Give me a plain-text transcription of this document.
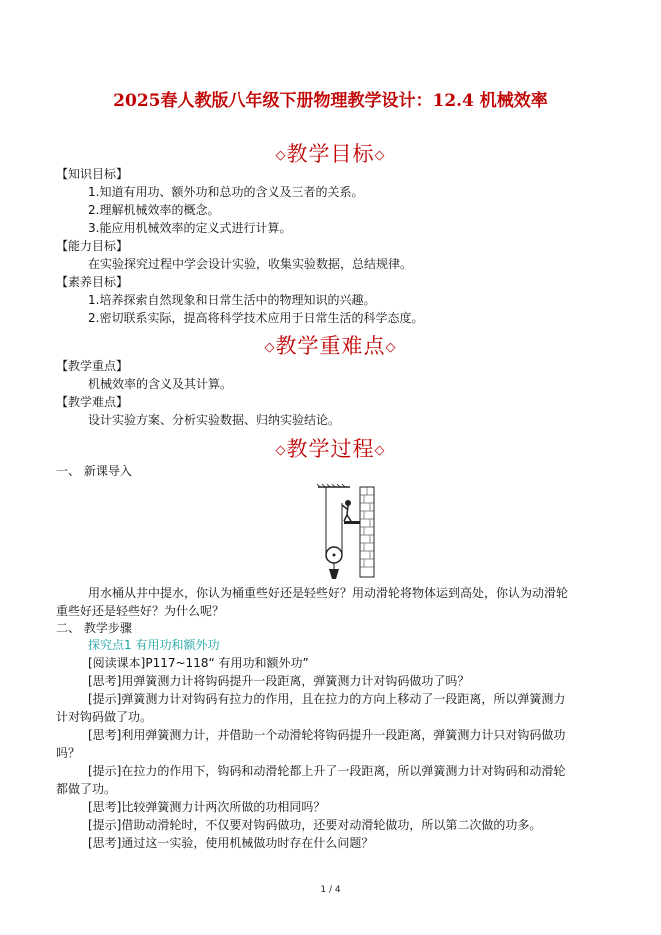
2025春人教版八年级下册物理教学设计：12.4 机械效率
◇教学目标◇
【知识目标】
1.知道有用功、额外功和总功的含义及三者的关系。
2.理解机械效率的概念。
3.能应用机械效率的定义式进行计算。
【能力目标】
在实验探究过程中学会设计实验，收集实验数据，总结规律。
【素养目标】
1.培养探索自然现象和日常生活中的物理知识的兴趣。
2.密切联系实际，提高将科学技术应用于日常生活的科学态度。
◇教学重难点◇
【教学重点】
机械效率的含义及其计算。
【教学难点】
设计实验方案、分析实验数据、归纳实验结论。
◇教学过程◇
一、 新课导入
用水桶从井中提水，你认为桶重些好还是轻些好？用动滑轮将物体运到高处，你认为动滑轮
重些好还是轻些好？为什么呢？
二、 教学步骤
探究点1 有用功和额外功
[阅读课本]P117~118“ 有用功和额外功”
[思考]用弹簧测力计将钩码提升一段距离，弹簧测力计对钩码做功了吗？
[提示]弹簧测力计对钩码有拉力的作用，且在拉力的方向上移动了一段距离，所以弹簧测力
计对钩码做了功。
[思考]利用弹簧测力计，并借助一个动滑轮将钩码提升一段距离，弹簧测力计只对钩码做功
吗？
[提示]在拉力的作用下，钩码和动滑轮都上升了一段距离，所以弹簧测力计对钩码和动滑轮
都做了功。
[思考]比较弹簧测力计两次所做的功相同吗？
[提示]借助动滑轮时，不仅要对钩码做功，还要对动滑轮做功，所以第二次做的功多。
[思考]通过这一实验，使用机械做功时存在什么问题？
1 / 4
